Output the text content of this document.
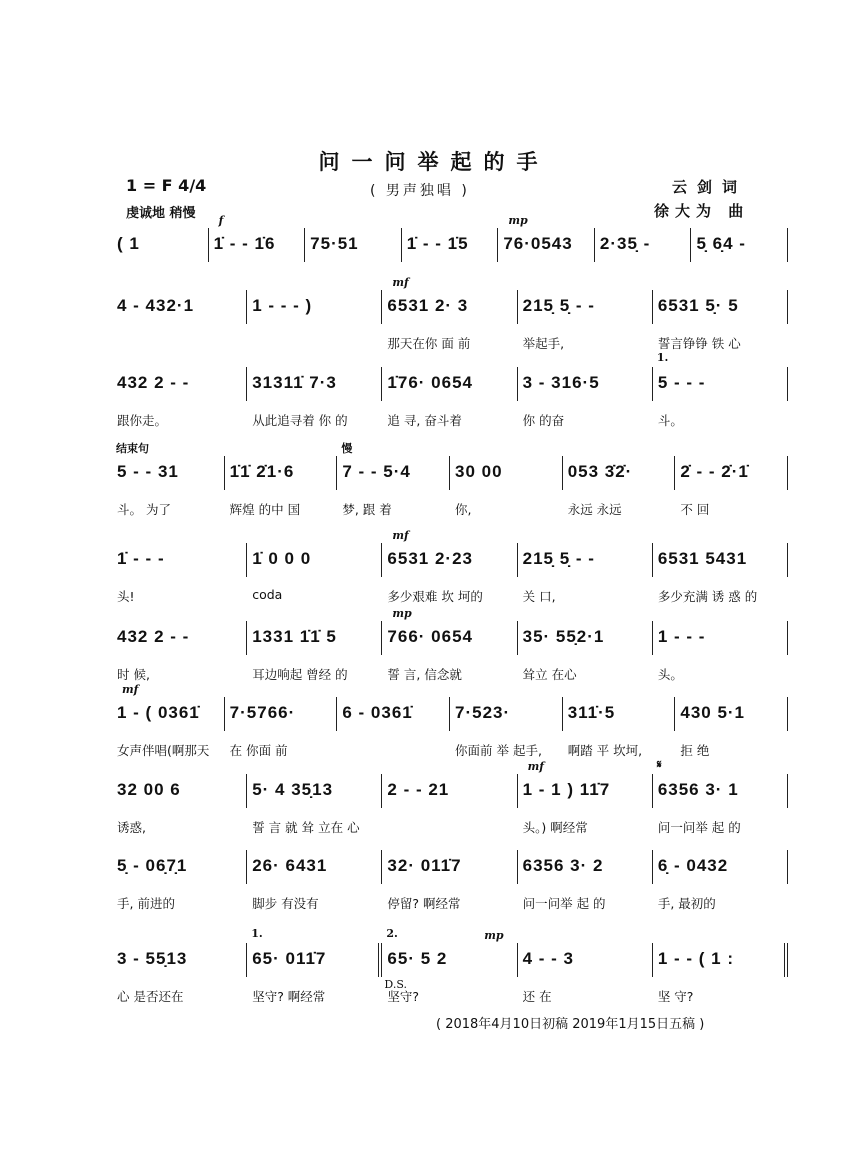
问一问举起的手
1 = F 4/4	( 男声独唱 )
虔诚地 稍慢
云剑词
徐大为 曲
D.S.
( 2018年4月10日初稿 2019年1月15日五稿 )
( 1	1̇ - - 1̇6
f
75·51	1̇ - - 1̇5	76·0543
mp
2·35̣ -	5̣ 6̣4 -
4 - 432·1	1 - - - )	6531 2· 3
那天在你 面 前
mf
215̣ 5̣ - -
举起手,
6531 5̣· 5
誓言铮铮 铁 心
432 2 - -
跟你走。
31311̇ 7·3
从此追寻着 你 的
1̇76· 0654
追 寻, 奋斗着
3 - 316·5
你 的奋
5 - - -
斗。
1.
5 - - 31
斗。 为了
结束句
1̇1̇ 2̇1·6
辉煌 的中 国
7 - - 5·4
梦, 跟 着
慢
30 00
你,
053 3̇2̇·
永远 永远
2̇ - - 2̇·1̇
不 回
1̇ - - -
头!
1̇ 0 0 0
coda
6531 2·23
多少艰难 坎 坷的
mf
215̣ 5̣ - -
关 口,
6531 5431
多少充满 诱 惑 的
432 2 - -
时 候,
1331 1̇1̇ 5
耳边响起 曾经 的
766· 0654
誓 言, 信念就
mp
35· 55̣2·1
耸立 在心
1 - - -
头。
1 - ( 0361̇
女声伴唱(啊那天
mf
7·5766·
在 你面 前
6 - 0361̇	7·523·
你面前 举 起手,
311̇·5
啊踏 平 坎坷,
430 5·1
拒 绝
32 00 6
诱惑,
5· 4 35̣13
誓 言 就 耸 立在 心
2 - - 21	1 - 1 ) 11̇7
头。) 啊经常
mf
6356 3· 1
问一问举 起 的
𝄋
5̣ - 06̣7̣1
手, 前进的
26· 6431
脚步 有没有
32· 011̇7
停留? 啊经常
6356 3· 2
问一问举 起 的
6̣ - 0432
手, 最初的
3 - 55̣13
心 是否还在
65· 011̇7
坚守? 啊经常
1.
65· 5 2
坚守?
2.	mp
4 - - 3
还 在
1 - - ( 1 :
坚 守?
